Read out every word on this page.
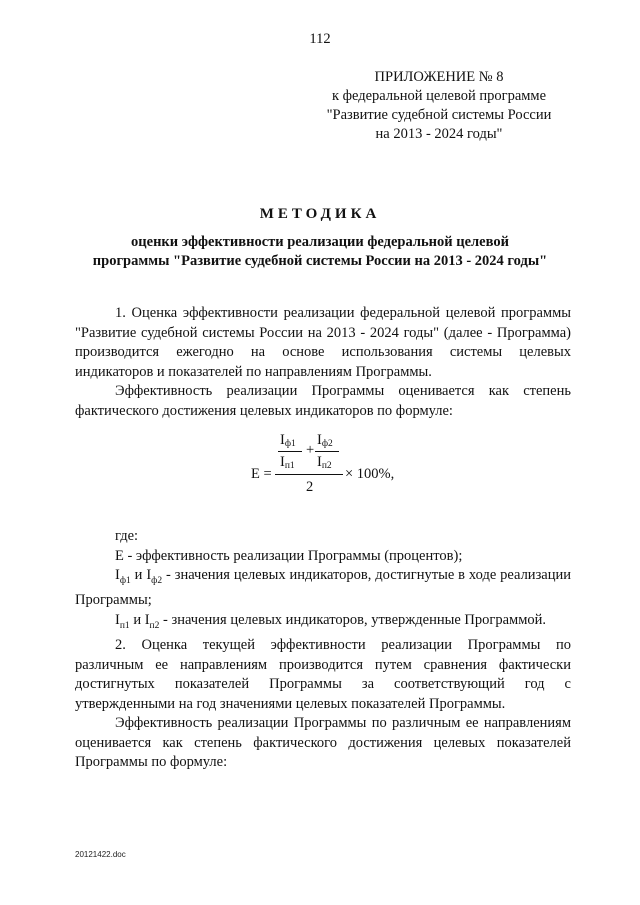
112
ПРИЛОЖЕНИЕ № 8
к федеральной целевой программе
"Развитие судебной системы России
на 2013 - 2024 годы"
МЕТОДИКА
оценки эффективности реализации федеральной целевой
программы "Развитие судебной системы России на 2013 - 2024 годы"

1. Оценка эффективности реализации федеральной целевой программы "Развитие судебной системы России на 2013 - 2024 годы" (далее - Программа) производится ежегодно на основе использования системы целевых индикаторов и показателей по направлениям Программы.

Эффективность реализации Программы оценивается как степень фактического достижения целевых индикаторов по формуле:

$I_{ф1}$ +
$I_{ф2}$
$I_{п1}$ $I_{п2}$
E =
2
× 100%,

где:

Е - эффективность реализации Программы (процентов);

$I_{ф1}$ и $I_{ф2}$ - значения целевых индикаторов, достигнутые в ходе реализации Программы;

$I_{п1}$ и $I_{п2}$ - значения целевых индикаторов, утвержденные Программой.

2. Оценка текущей эффективности реализации Программы по различным ее направлениям производится путем сравнения фактически достигнутых показателей Программы за соответствующий год с утвержденными на год значениями целевых показателей Программы.

Эффективность реализации Программы по различным ее направлениям оценивается как степень фактического достижения целевых показателей Программы по формуле:

20121422.doc
